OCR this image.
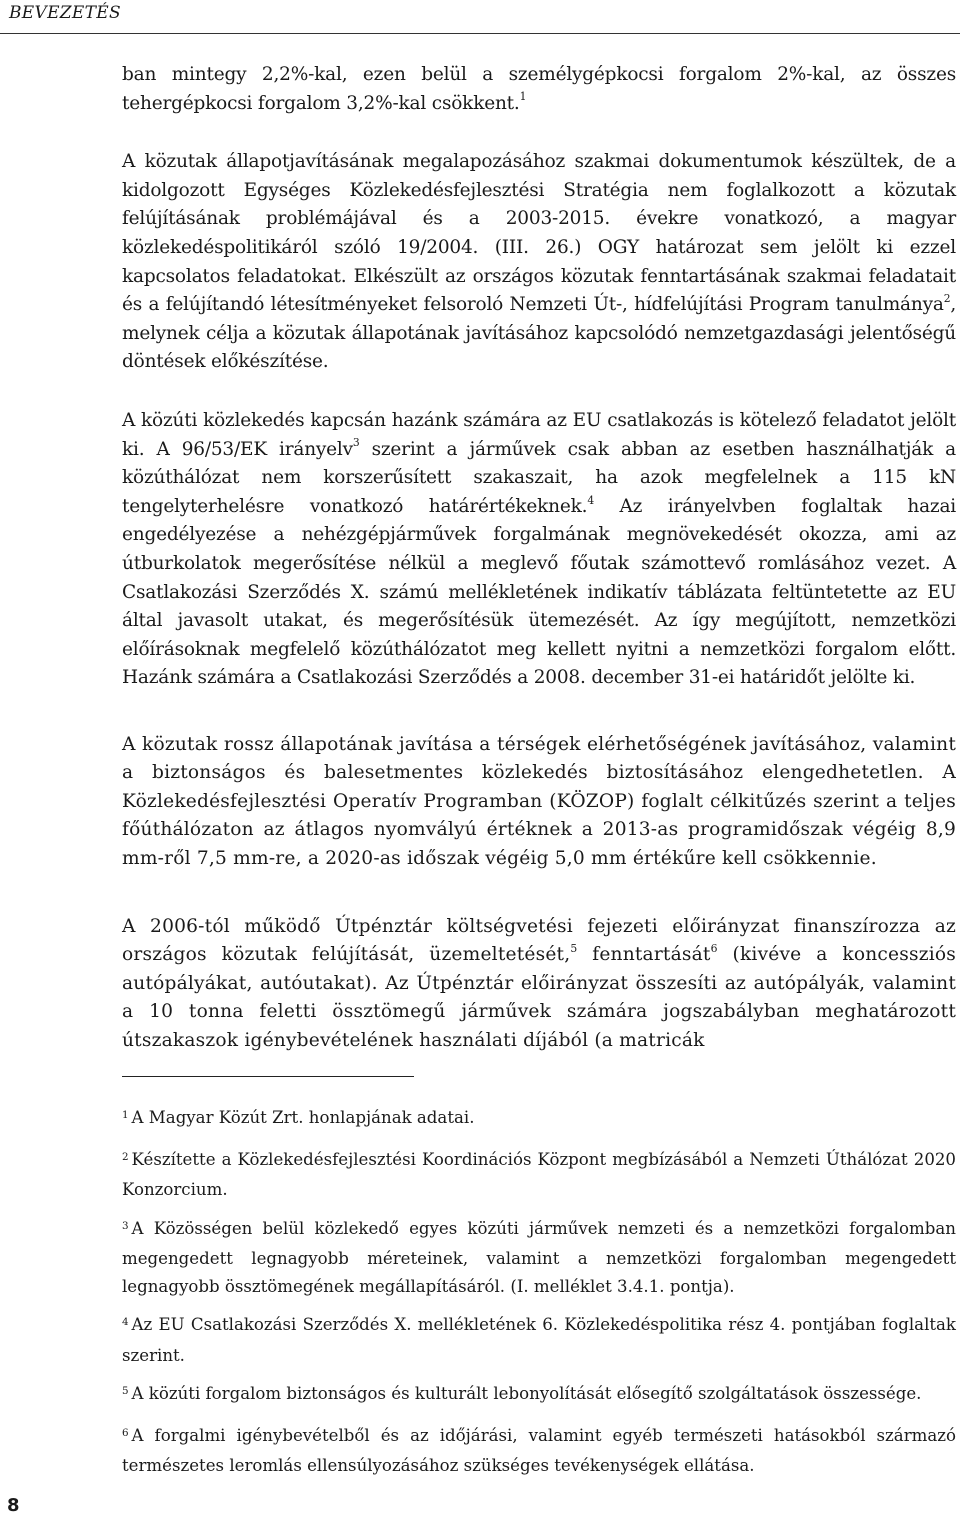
BEVEZETÉS

ban mintegy 2,2%-kal, ezen belül a személygépkocsi forgalom 2%-kal, az összes tehergépkocsi forgalom 3,2%-kal csökkent.$^1$

A közutak állapotjavításának megalapozásához szakmai dokumentumok készültek, de a kidolgozott Egységes Közlekedésfejlesztési Stratégia nem foglalkozott a közutak felújításának problémájával és a 2003-2015. évekre vonatkozó, a magyar közlekedéspolitikáról szóló 19/2004. (III. 26.) OGY határozat sem jelölt ki ezzel kapcsolatos feladatokat. Elkészült az országos közutak fenntartásának szakmai feladatait és a felújítandó létesítményeket felsoroló Nemzeti Út-, hídfelújítási Program tanulmánya$^2$, melynek célja a közutak állapotának javításához kapcsolódó nemzetgazdasági jelentőségű döntések előkészítése.

A közúti közlekedés kapcsán hazánk számára az EU csatlakozás is kötelező feladatot jelölt ki. A 96/53/EK irányelv$^3$ szerint a járművek csak abban az esetben használhatják a közúthálózat nem korszerűsített szakaszait, ha azok megfelelnek a 115 kN tengelyterhelésre vonatkozó határértékeknek.$^4$ Az irányelvben foglaltak hazai engedélyezése a nehézgépjárművek forgalmának megnövekedését okozza, ami az útburkolatok megerősítése nélkül a meglevő főutak számottevő romlásához vezet. A Csatlakozási Szerződés X. számú mellékletének indikatív táblázata feltüntetette az EU által javasolt utakat, és megerősítésük ütemezését. Az így megújított, nemzetközi előírásoknak megfelelő közúthálózatot meg kellett nyitni a nemzetközi forgalom előtt. Hazánk számára a Csatlakozási Szerződés a 2008. december 31-ei határidőt jelölte ki.

A közutak rossz állapotának javítása a térségek elérhetőségének javításához, valamint a biztonságos és balesetmentes közlekedés biztosításához elengedhetetlen. A Közlekedésfejlesztési Operatív Programban (KÖZOP) foglalt célkitűzés szerint a teljes főúthálózaton az átlagos nyomvályú értéknek a 2013-as programidőszak végéig 8,9 mm-ről 7,5 mm-re, a 2020-as időszak végéig 5,0 mm értékűre kell csökkennie.

A 2006-tól működő Útpénztár költségvetési fejezeti előirányzat finanszírozza az országos közutak felújítását, üzemeltetését,$^5$ fenntartását$^6$ (kivéve a koncessziós autópályákat, autóutakat). Az Útpénztár előirányzat összesíti az autópályák, valamint a 10 tonna feletti össztömegű járművek számára jogszabályban meghatározott útszakaszok igénybevételének használati díjából (a matricák

$^1$ A Magyar Közút Zrt. honlapjának adatai.

$^2$ Készítette a Közlekedésfejlesztési Koordinációs Központ megbízásából a Nemzeti Úthálózat 2020 Konzorcium.

$^3$ A Közösségen belül közlekedő egyes közúti járművek nemzeti és a nemzetközi forgalomban megengedett legnagyobb méreteinek, valamint a nemzetközi forgalomban megengedett legnagyobb össztömegének megállapításáról. (I. melléklet 3.4.1. pontja).

$^4$ Az EU Csatlakozási Szerződés X. mellékletének 6. Közlekedéspolitika rész 4. pontjában foglaltak szerint.

$^5$ A közúti forgalom biztonságos és kulturált lebonyolítását elősegítő szolgáltatások összessége.

$^6$ A forgalmi igénybevételből és az időjárási, valamint egyéb természeti hatásokból származó természetes leromlás ellensúlyozásához szükséges tevékenységek ellátása.

8
